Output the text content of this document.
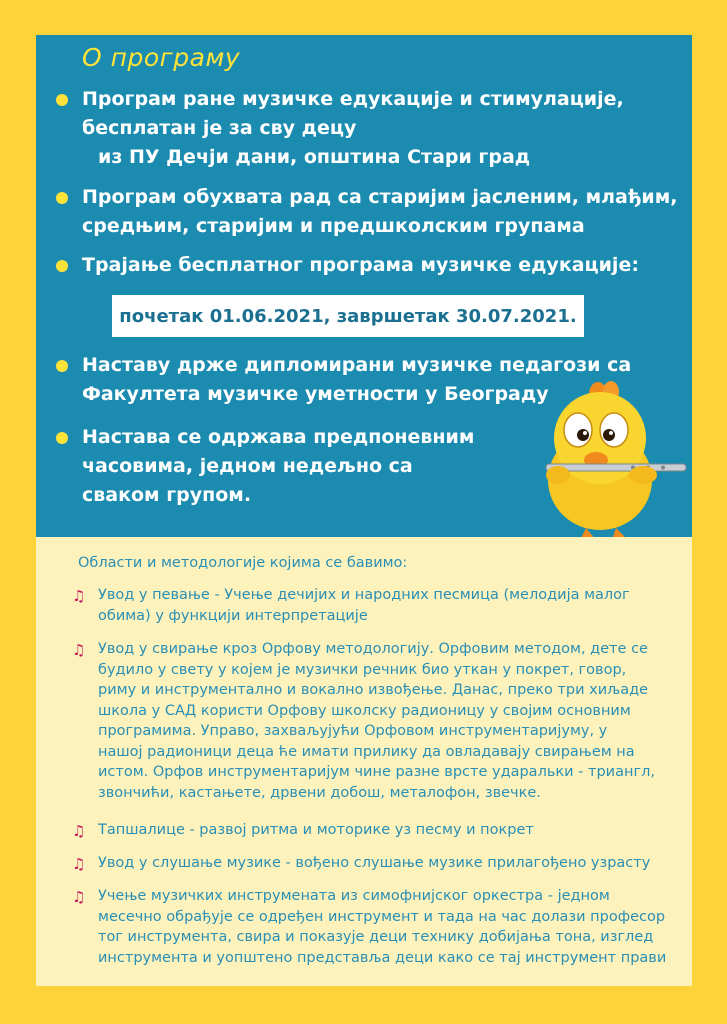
О програму
Програм ране музичке едукације и стимулације,
бесплатан је за сву децу
из ПУ Дечји дани, општина Стари град
Програм обухвата рад са старијим јасленим, млађим,
средњим, старијим и предшколским групама
Трајање бесплатног програма музичке едукације:
почетак 01.06.2021, завршетак 30.07.2021.
Наставу држе дипломирани музичке педагози са
Факултета музичке уметности у Београду
Настава се одржава предпоневним
часовима, једном недељно са
сваком групом.
Области и методологије којима се бавимо:
♫ Увод у певање - Учење дечијих и народних песмица (мелодија малог
обима) у функцији интерпретације
♫ Увод у свирање кроз Орфову методологију. Орфовим методом, дете се
будило у свету у којем је музички речник био уткан у покрет, говор,
риму и инструментално и вокално извођење. Данас, преко три хиљаде
школа у САД користи Орфову школску радионицу у својим основним
програмима. Управо, захваљујући Орфовом инструментаријуму, у
нашој радионици деца ће имати прилику да овладавају свирањем на
истом. Орфов инструментаријум чине разне врсте ударальки - триангл,
звончићи, кастањете, дрвени добош, металофон, звечке.
♫ Тапшалице - развој ритма и моторике уз песму и покрет
♫ Увод у слушање музике - вођено слушање музике прилагођено узрасту
♫ Учење музичких инструмената из симофнијског оркестра - једном
месечно обрађује се одређен инструмент и тада на час долази професор
тог инструмента, свира и показује деци технику добијања тона, изглед
инструмента и уопштено представља деци како се тај инструмент прави
